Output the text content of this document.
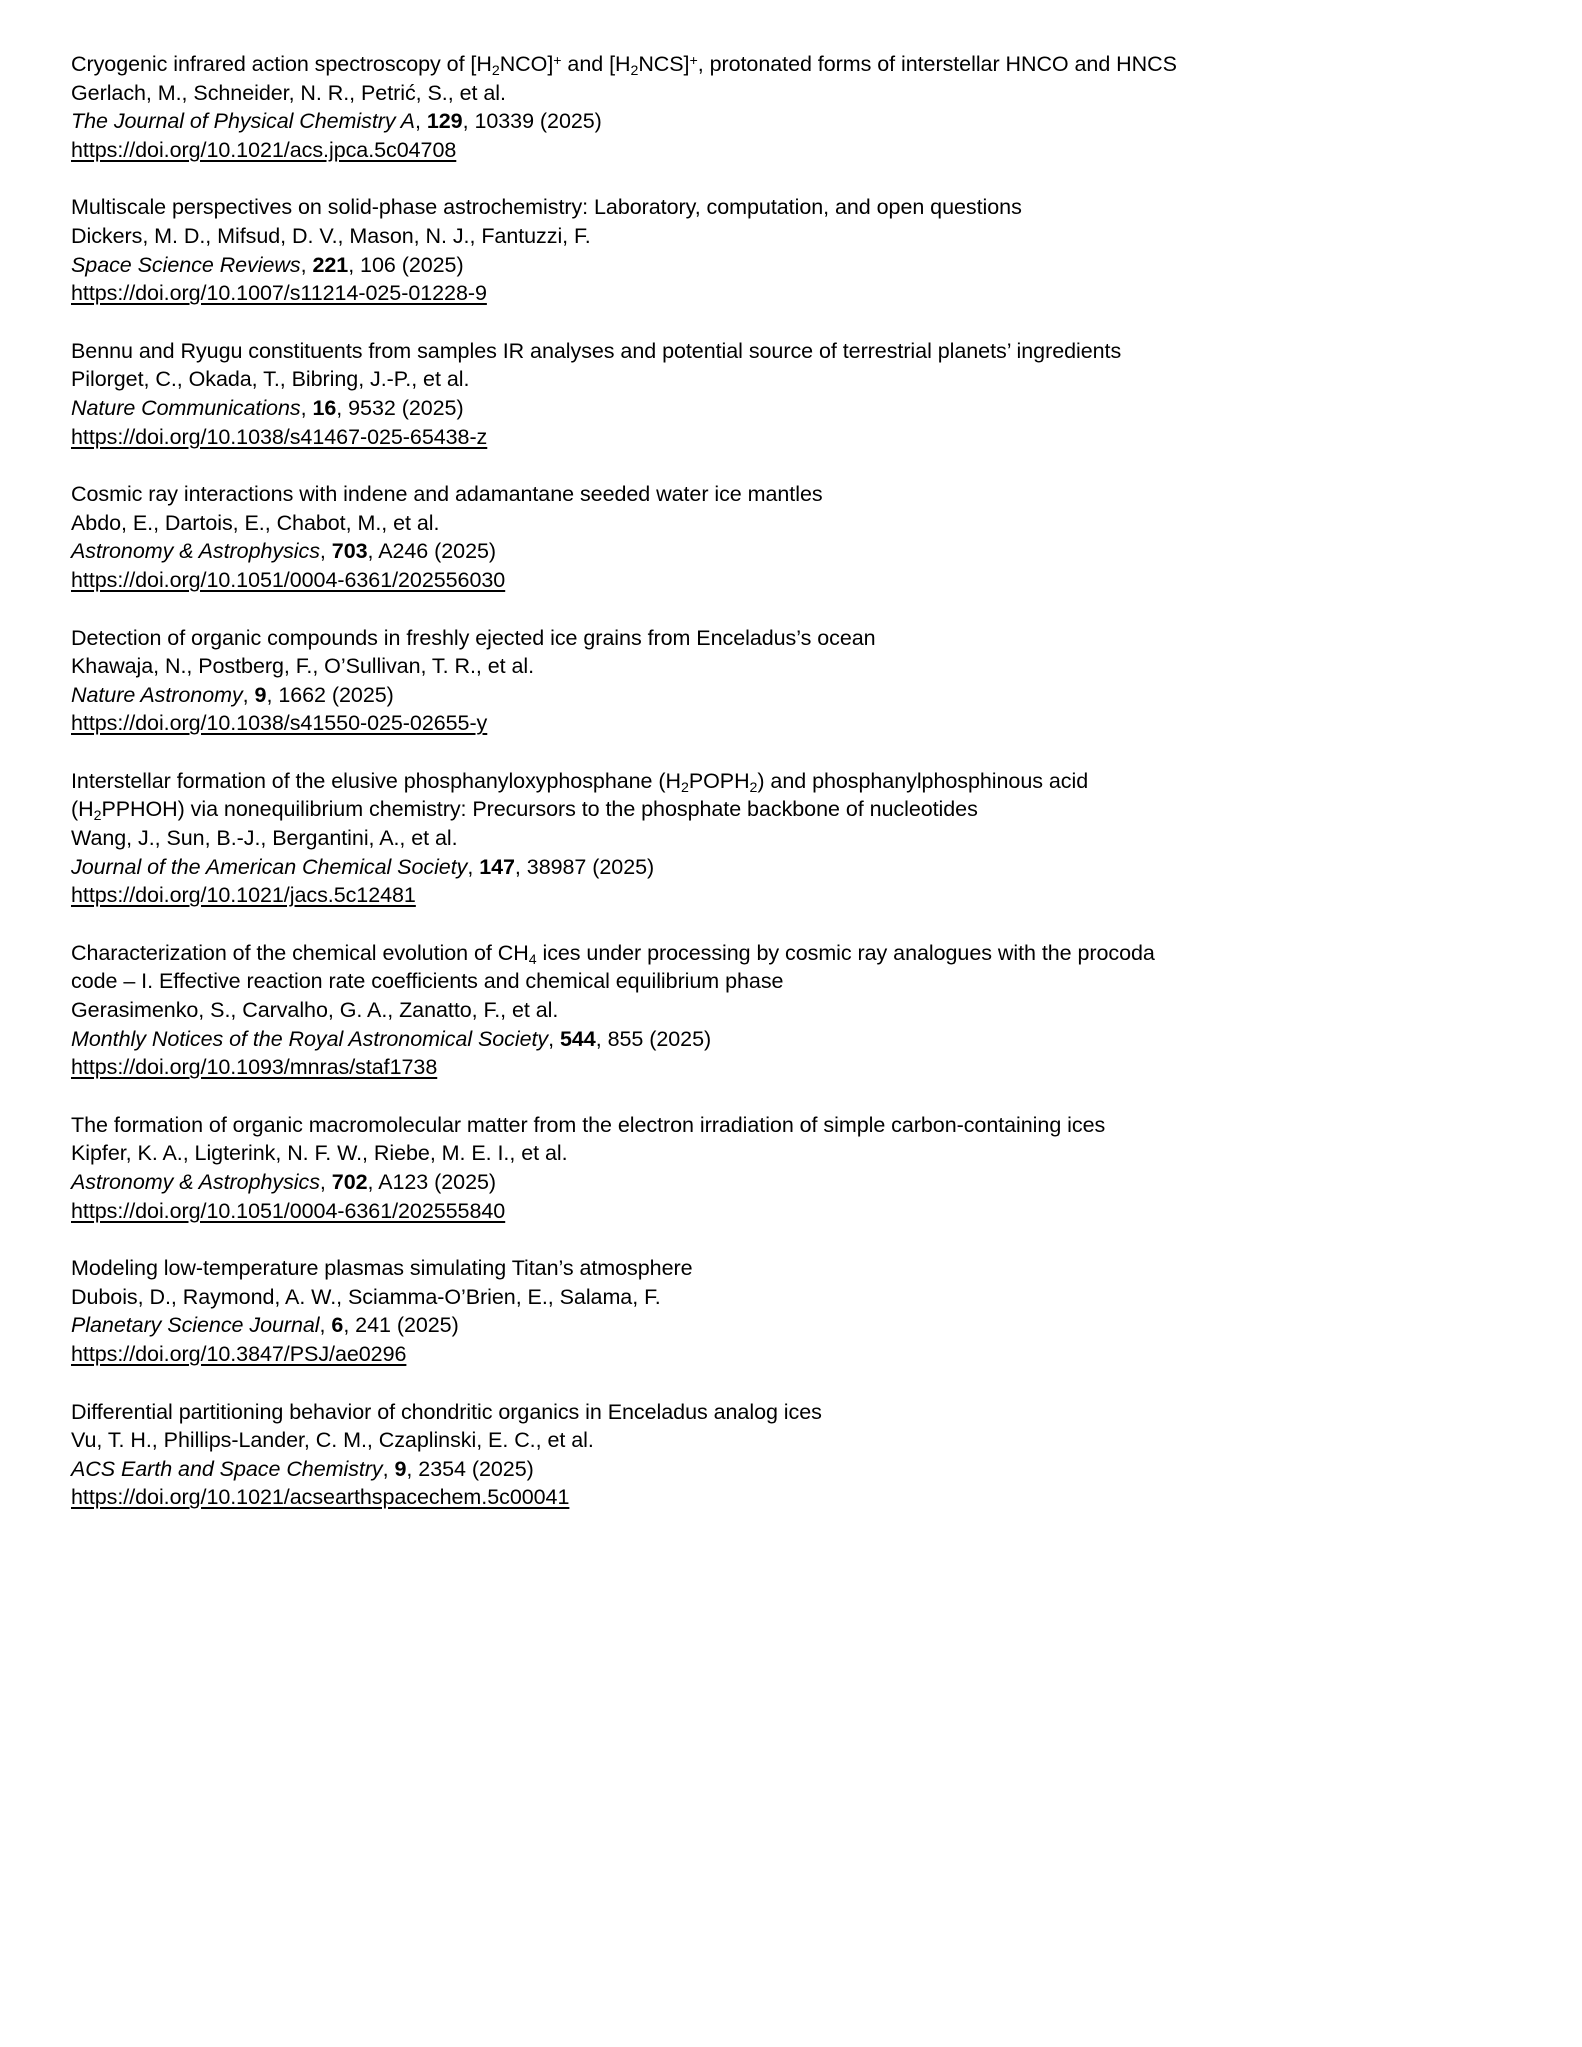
Cryogenic infrared action spectroscopy of $[H_2NCO]^+$ and $[H_2NCS]^+$, protonated forms of interstellar HNCO and HNCS
Gerlach, M., Schneider, N. R., Petrić, S., et al.
The Journal of Physical Chemistry A, 129, 10339 (2025)
https://doi.org/10.1021/acs.jpca.5c04708
Multiscale perspectives on solid-phase astrochemistry: Laboratory, computation, and open questions
Dickers, M. D., Mifsud, D. V., Mason, N. J., Fantuzzi, F.
Space Science Reviews, 221, 106 (2025)
https://doi.org/10.1007/s11214-025-01228-9
Bennu and Ryugu constituents from samples IR analyses and potential source of terrestrial planets’ ingredients
Pilorget, C., Okada, T., Bibring, J.-P., et al.
Nature Communications, 16, 9532 (2025)
https://doi.org/10.1038/s41467-025-65438-z
Cosmic ray interactions with indene and adamantane seeded water ice mantles
Abdo, E., Dartois, E., Chabot, M., et al.
Astronomy & Astrophysics, 703, A246 (2025)
https://doi.org/10.1051/0004-6361/202556030
Detection of organic compounds in freshly ejected ice grains from Enceladus’s ocean
Khawaja, N., Postberg, F., O’Sullivan, T. R., et al.
Nature Astronomy, 9, 1662 (2025)
https://doi.org/10.1038/s41550-025-02655-y
Interstellar formation of the elusive phosphanyloxyphosphane $(H_2POPH_2)$ and phosphanylphosphinous acid $(H_2PPHOH)$ via nonequilibrium chemistry: Precursors to the phosphate backbone of nucleotides
Wang, J., Sun, B.-J., Bergantini, A., et al.
Journal of the American Chemical Society, 147, 38987 (2025)
https://doi.org/10.1021/jacs.5c12481
Characterization of the chemical evolution of $CH_4$ ices under processing by cosmic ray analogues with the procoda code – I. Effective reaction rate coefficients and chemical equilibrium phase
Gerasimenko, S., Carvalho, G. A., Zanatto, F., et al.
Monthly Notices of the Royal Astronomical Society, 544, 855 (2025)
https://doi.org/10.1093/mnras/staf1738
The formation of organic macromolecular matter from the electron irradiation of simple carbon-containing ices
Kipfer, K. A., Ligterink, N. F. W., Riebe, M. E. I., et al.
Astronomy & Astrophysics, 702, A123 (2025)
https://doi.org/10.1051/0004-6361/202555840
Modeling low-temperature plasmas simulating Titan’s atmosphere
Dubois, D., Raymond, A. W., Sciamma-O’Brien, E., Salama, F.
Planetary Science Journal, 6, 241 (2025)
https://doi.org/10.3847/PSJ/ae0296
Differential partitioning behavior of chondritic organics in Enceladus analog ices
Vu, T. H., Phillips-Lander, C. M., Czaplinski, E. C., et al.
ACS Earth and Space Chemistry, 9, 2354 (2025)
https://doi.org/10.1021/acsearthspacechem.5c00041
